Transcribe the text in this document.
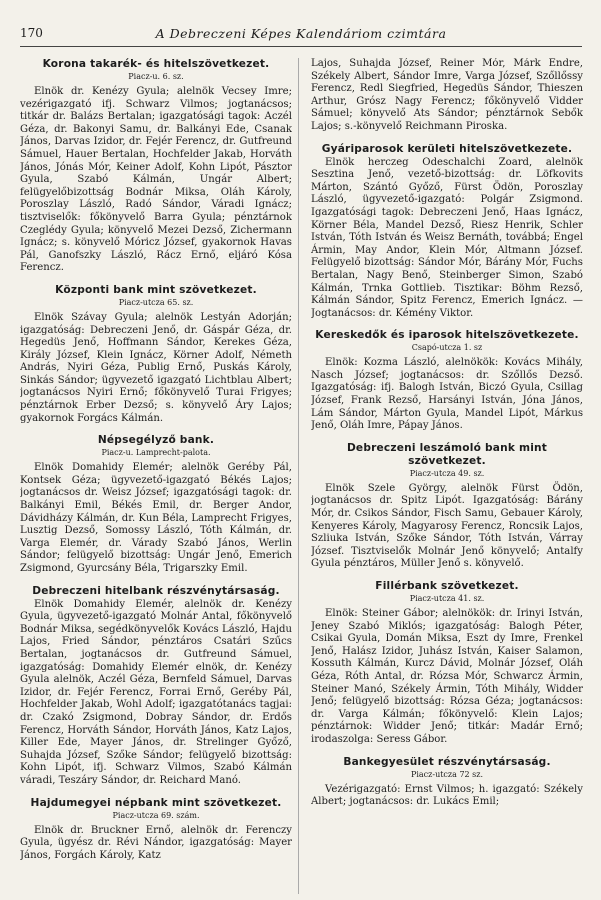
170	A Debreczeni Képes Kalendáriom czimtára
Korona takarék- és hitelszövetkezet.
Piacz-u. 6. sz.

Elnök dr. Kenézy Gyula; alelnök Vecsey Imre; vezérigazgató ifj. Schwarz Vilmos; jogtanácsos; titkár dr. Balázs Bertalan; igazgatósági tagok: Aczél Géza, dr. Bakonyi Samu, dr. Balkányi Ede, Csanak János, Darvas Izidor, dr. Fejér Ferencz, dr. Gutfreund Sámuel, Hauer Bertalan, Hochfelder Jakab, Horváth János, Jónás Mór, Keiner Adolf, Kohn Lipót, Pásztor Gyula, Szabó Kálmán, Ungár Albert; felügyelőbizottság Bodnár Miksa, Oláh Károly, Poroszlay László, Radó Sándor, Váradi Ignácz; tisztviselők: főkönyvelő Barra Gyula; pénztárnok Czeglédy Gyula; könyvelő Mezei Dezső, Zichermann Ignácz; s. könyvelő Móricz József, gyakornok Havas Pál, Ganofszky László, Rácz Ernő, eljáró Kósa Ferencz.

Központi bank mint szövetkezet.
Piacz-utcza 65. sz.

Elnök Szávay Gyula; alelnök Lestyán Adorján; igazgatóság: Debreczeni Jenő, dr. Gáspár Géza, dr. Hegedüs Jenő, Hoffmann Sándor, Kerekes Géza, Király József, Klein Ignácz, Körner Adolf, Németh András, Nyiri Géza, Publig Ernő, Puskás Károly, Sinkás Sándor; ügyvezető igazgató Lichtblau Albert; jogtanácsos Nyiri Ernő; főkönyvelő Turai Frigyes; pénztárnok Erber Dezső; s. könyvelő Áry Lajos; gyakornok Forgács Kálmán.

Népsegélyző bank.
Piacz-u. Lamprecht-palota.

Elnök Domahidy Elemér; alelnök Geréby Pál, Kontsek Géza; ügyvezető-igazgató Békés Lajos; jogtanácsos dr. Weisz József; igazgatósági tagok: dr. Balkányi Emil, Békés Emil, dr. Berger Andor, Dávidházy Kálmán, dr. Kun Béla, Lamprecht Frigyes, Lusztig Dezső, Somossy László, Tóth Kálmán, dr. Varga Elemér, dr. Várady Szabó János, Werlin Sándor; felügyelő bizottság: Ungár Jenő, Emerich Zsigmond, Gyurcsány Béla, Trigarszky Emil.

Debreczeni hitelbank részvénytársaság.

Elnök Domahidy Elemér, alelnök dr. Kenézy Gyula, ügyvezető-igazgató Molnár Antal, főkönyvelő Bodnár Miksa, segédkönyvelők Kovács László, Hajdu Lajos, Fried Sándor, pénztáros Csatári Szűcs Bertalan, jogtanácsos dr. Gutfreund Sámuel, igazgatóság: Domahidy Elemér elnök, dr. Kenézy Gyula alelnök, Aczél Géza, Bernfeld Sámuel, Darvas Izidor, dr. Fejér Ferencz, Forrai Ernő, Geréby Pál, Hochfelder Jakab, Wohl Adolf; igazgatótanács tagjai: dr. Czakó Zsigmond, Dobray Sándor, dr. Erdős Ferencz, Horváth Sándor, Horváth János, Katz Lajos, Killer Ede, Mayer János, dr. Strelinger Győző, Suhajda József, Szőke Sándor; felügyelő bizottság: Kohn Lipót, ifj. Schwarz Vilmos, Szabó Kálmán váradi, Teszáry Sándor, dr. Reichard Manó.

Hajdumegyei népbank mint szövetkezet.
Piacz-utcza 69. szám.

Elnök dr. Bruckner Ernő, alelnök dr. Ferenczy Gyula, ügyész dr. Révi Nándor, igazgatóság: Mayer János, Forgách Károly, Katz

Lajos, Suhajda József, Reiner Mór, Márk Endre, Székely Albert, Sándor Imre, Varga József, Szőllőssy Ferencz, Redl Siegfried, Hegedüs Sándor, Thieszen Arthur, Grósz Nagy Ferencz; főkönyvelő Vidder Sámuel; könyvelő Ats Sándor; pénztárnok Sebők Lajos; s.-könyvelő Reichmann Piroska.

Gyáriparosok kerületi hitelszövetkezete.

Elnök herczeg Odeschalchi Zoard, alelnök Sesztina Jenő, vezető-bizottság: dr. Löfkovits Márton, Szántó Győző, Fürst Ödön, Poroszlay László, ügyvezető-igazgató: Polgár Zsigmond. Igazgatósági tagok: Debreczeni Jenő, Haas Ignácz, Körner Béla, Mandel Dezső, Riesz Henrik, Schler István, Tóth István és Weisz Bernáth, továbbá; Engel Ármin, May Andor, Klein Mór, Altmann József. Felügyelő bizottság: Sándor Mór, Bárány Mór, Fuchs Bertalan, Nagy Benő, Steinberger Simon, Szabó Kálmán, Trnka Gottlieb. Tisztikar: Böhm Rezső, Kálmán Sándor, Spitz Ferencz, Emerich Ignácz. — Jogtanácsos: dr. Kémény Viktor.

Kereskedők és iparosok hitelszövetkezete.
Csapó-utcza 1. sz

Elnök: Kozma László, alelnökök: Kovács Mihály, Nasch József; jogtanácsos: dr. Szőllős Dezső. Igazgatóság: ifj. Balogh István, Biczó Gyula, Csillag József, Frank Rezső, Harsányi István, Jóna János, Lám Sándor, Márton Gyula, Mandel Lipót, Márkus Jenő, Oláh Imre, Pápay János.

Debreczeni leszámoló bank mint szövetkezet.
Piacz-utcza 49. sz.

Elnök Szele György, alelnök Fürst Ödön, jogtanácsos dr. Spitz Lipót. Igazgatóság: Bárány Mór, dr. Csikos Sándor, Fisch Samu, Gebauer Károly, Kenyeres Károly, Magyarosy Ferencz, Roncsik Lajos, Szliuka István, Szőke Sándor, Tóth István, Várray József. Tisztviselők Molnár Jenő könyvelő; Antalfy Gyula pénztáros, Müller Jenő s. könyvelő.

Fillérbank szövetkezet.
Piacz-utcza 41. sz.

Elnök: Steiner Gábor; alelnökök: dr. Irinyi István, Jeney Szabó Miklós; igazgatóság: Balogh Péter, Csikai Gyula, Domán Miksa, Eszt dy Imre, Frenkel Jenő, Halász Izidor, Juhász István, Kaiser Salamon, Kossuth Kálmán, Kurcz Dávid, Molnár József, Oláh Géza, Róth Antal, dr. Rózsa Mór, Schwarcz Ármin, Steiner Manó, Székely Ármin, Tóth Mihály, Widder Jenő; felügyelő bizottság: Rózsa Géza; jogtanácsos: dr. Varga Kálmán; főkönyvelő: Klein Lajos; pénztárnok: Widder Jenő; titkár: Madár Ernő; irodaszolga: Seress Gábor.

Bankegyesület részvénytársaság.
Piacz-utcza 72 sz.

Vezérigazgató: Ernst Vilmos; h. igazgató: Székely Albert; jogtanácsos: dr. Lukács Emil;
